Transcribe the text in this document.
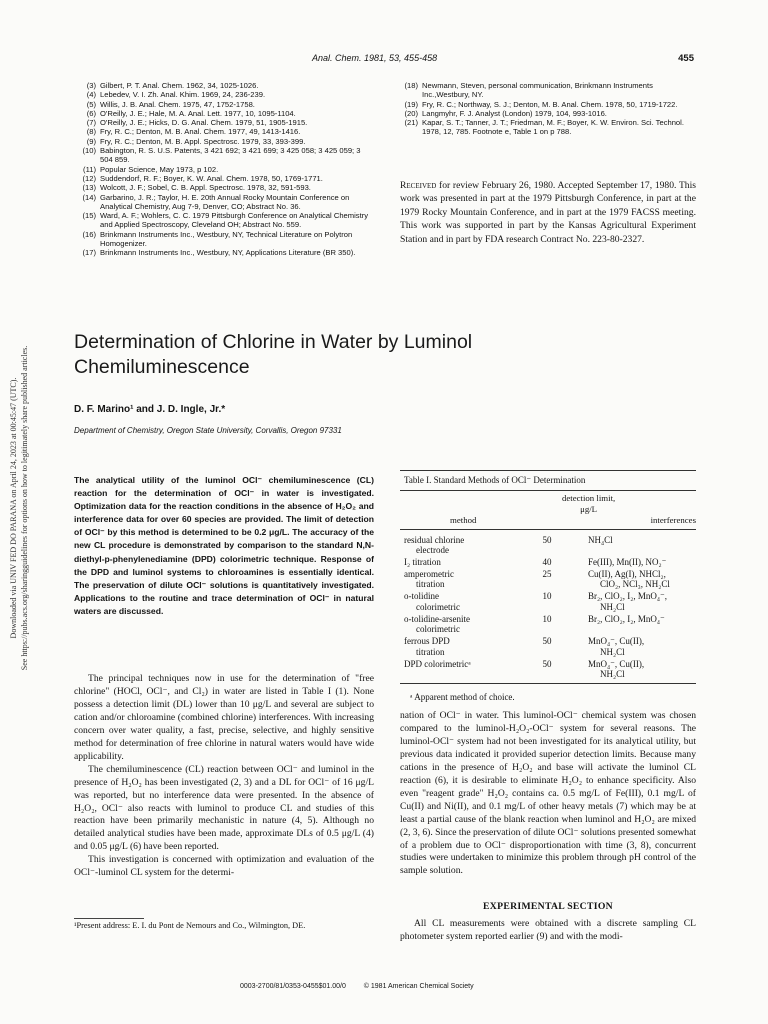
Anal. Chem. 1981, 53, 455-458	455
Downloaded via UNIV FED DO PARANA on April 24, 2023 at 00:45:47 (UTC). See https://pubs.acs.org/sharingguidelines for options on how to legitimately share published articles.
(3) Gilbert, P. T. Anal. Chem. 1962, 34, 1025-1026.
(4) Lebedev, V. I. Zh. Anal. Khim. 1969, 24, 236-239.
(5) Willis, J. B. Anal. Chem. 1975, 47, 1752-1758.
(6) O'Reilly, J. E.; Hale, M. A. Anal. Lett. 1977, 10, 1095-1104.
(7) O'Reilly, J. E.; Hicks, D. G. Anal. Chem. 1979, 51, 1905-1915.
(8) Fry, R. C.; Denton, M. B. Anal. Chem. 1977, 49, 1413-1416.
(9) Fry, R. C.; Denton, M. B. Appl. Spectrosc. 1979, 33, 393-399.
(10) Babington, R. S. U.S. Patents, 3 421 692; 3 421 699; 3 425 058; 3 425 059; 3 504 859.
(11) Popular Science, May 1973, p 102.
(12) Suddendorf, R. F.; Boyer, K. W. Anal. Chem. 1978, 50, 1769-1771.
(13) Wolcott, J. F.; Sobel, C. B. Appl. Spectrosc. 1978, 32, 591-593.
(14) Garbarino, J. R.; Taylor, H. E. 20th Annual Rocky Mountain Conference on Analytical Chemistry, Aug 7-9, Denver, CO; Abstract No. 36.
(15) Ward, A. F.; Wohlers, C. C. 1979 Pittsburgh Conference on Analytical Chemistry and Applied Spectroscopy, Cleveland OH; Abstract No. 559.
(16) Brinkmann Instruments Inc., Westbury, NY, Technical Literature on Polytron Homogenizer.
(17) Brinkmann Instruments Inc., Westbury, NY, Applications Literature (BR 350).
(18) Newmann, Steven, personal communication, Brinkmann Instruments Inc.,Westbury, NY.
(19) Fry, R. C.; Northway, S. J.; Denton, M. B. Anal. Chem. 1978, 50, 1719-1722.
(20) Langmyhr, F. J. Analyst (London) 1979, 104, 993-1016.
(21) Kapar, S. T.; Tanner, J. T.; Friedman, M. F.; Boyer, K. W. Environ. Sci. Technol. 1978, 12, 785. Footnote e, Table 1 on p 788.
Received for review February 26, 1980. Accepted September 17, 1980. This work was presented in part at the 1979 Pittsburgh Conference, in part at the 1979 Rocky Mountain Conference, and in part at the 1979 FACSS meeting. This work was supported in part by the Kansas Agricultural Experiment Station and in part by FDA research Contract No. 223-80-2327.
Determination of Chlorine in Water by Luminol Chemiluminescence
D. F. Marino¹ and J. D. Ingle, Jr.*
Department of Chemistry, Oregon State University, Corvallis, Oregon 97331
The analytical utility of the luminol OCl⁻ chemiluminescence (CL) reaction for the determination of OCl⁻ in water is investigated. Optimization data for the reaction conditions in the absence of H₂O₂ and interference data for over 60 species are provided. The limit of detection of OCl⁻ by this method is determined to be 0.2 μg/L. The accuracy of the new CL procedure is demonstrated by comparison to the standard N,N-diethyl-p-phenylenediamine (DPD) colorimetric technique. Response of the DPD and luminol systems to chloroamines is essentially identical. The preservation of dilute OCl⁻ solutions is quantitatively investigated. Applications to the routine and trace determination of OCl⁻ in natural waters are discussed.

The principal techniques now in use for the determination of "free chlorine" (HOCl, OCl⁻, and Cl₂) in water are listed in Table I (1). None possess a detection limit (DL) lower than 10 μg/L and several are subject to cation and/or chloroamine (combined chlorine) interferences. With increasing concern over water quality, a fast, precise, selective, and highly sensitive method for determination of free chlorine in natural waters would have wide applicability.

The chemiluminescence (CL) reaction between OCl⁻ and luminol in the presence of H₂O₂ has been investigated (2, 3) and a DL for OCl⁻ of 16 μg/L was reported, but no interference data were presented. In the absence of H₂O₂, OCl⁻ also reacts with luminol to produce CL and studies of this reaction have been primarily mechanistic in nature (4, 5). Although no detailed analytical studies have been made, approximate DLs of 0.5 μg/L (4) and 0.05 μg/L (6) have been reported.

This investigation is concerned with optimization and evaluation of the OCl⁻-luminol CL system for the determi-

¹Present address: E. I. du Pont de Nemours and Co., Wilmington, DE.
Table I. Standard Methods of OCl⁻ Determination
method
detection limit, μg/L
interferences
residual chlorine
electrode
50	NH₄Cl
I₂ titration	40	Fe(III), Mn(II), NO₂⁻
amperometric
titration
25	Cu(II), Ag(I), NHCl₂,
ClO₂, NCl₃, NH₂Cl
o-tolidine
colorimetric
10	Br₂, ClO₂, I₂, MnO₄⁻,
NH₂Cl
o-tolidine-arsenite
colorimetric
10	Br₂, ClO₂, I₂, MnO₄⁻
ferrous DPD
titration
50	MnO₄⁻, Cu(II),
NH₂Cl
DPD colorimetricᵃ	50	MnO₄⁻, Cu(II),
NH₂Cl
ᵃ Apparent method of choice.
nation of OCl⁻ in water. This luminol-OCl⁻ chemical system was chosen compared to the luminol-H₂O₂-OCl⁻ system for several reasons. The luminol-OCl⁻ system had not been investigated for its analytical utility, but previous data indicated it provided superior detection limits. Because many cations in the presence of H₂O₂ and base will activate the luminol CL reaction (6), it is desirable to eliminate H₂O₂ to enhance specificity. Also even "reagent grade" H₂O₂ contains ca. 0.5 mg/L of Fe(III), 0.1 mg/L of Cu(II) and Ni(II), and 0.1 mg/L of other heavy metals (7) which may be at least a partial cause of the blank reaction when luminol and H₂O₂ are mixed (2, 3, 6). Since the preservation of dilute OCl⁻ solutions presented somewhat of a problem due to OCl⁻ disproportionation with time (3, 8), concurrent studies were undertaken to minimize this problem through pH control of the sample solution.
EXPERIMENTAL SECTION

All CL measurements were obtained with a discrete sampling CL photometer system reported earlier (9) and with the modi-

0003-2700/81/0353-0455$01.00/0	© 1981 American Chemical Society
